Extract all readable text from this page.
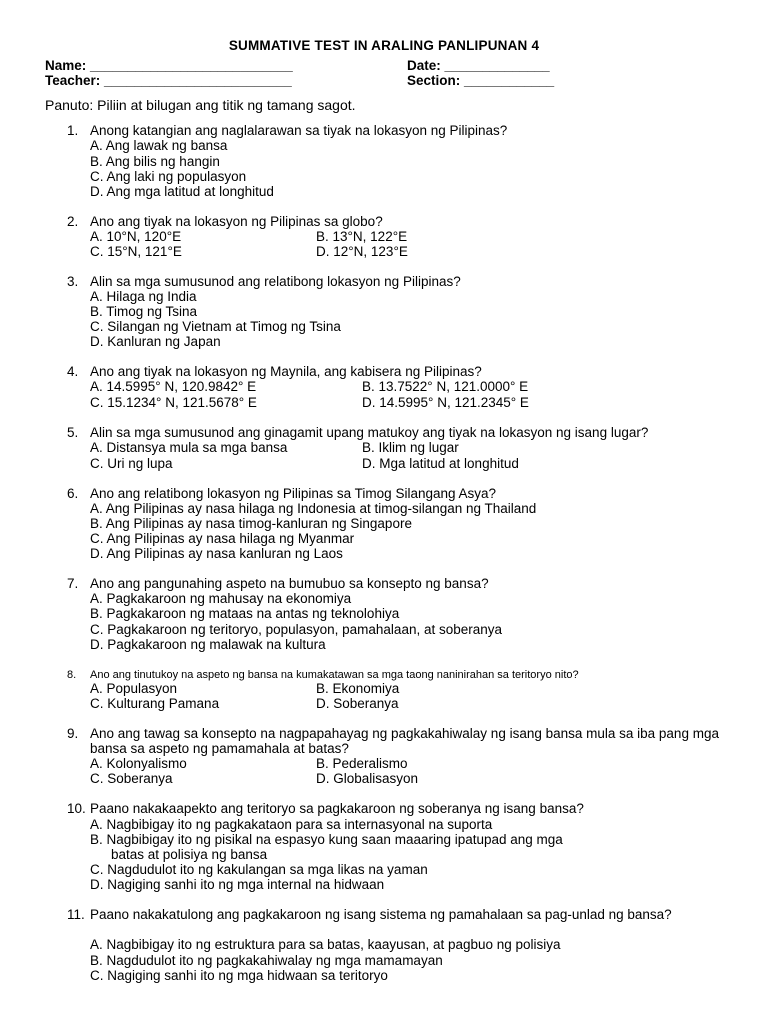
SUMMATIVE TEST IN ARALING PANLIPUNAN 4
Name: ___________________________	Date: ______________
Teacher: _________________________	Section: ____________
Panuto: Piliin at bilugan ang titik ng tamang sagot.
1. Anong katangian ang naglalarawan sa tiyak na lokasyon ng Pilipinas?
A. Ang lawak ng bansa
B. Ang bilis ng hangin
C. Ang laki ng populasyon
D. Ang mga latitud at longhitud
2. Ano ang tiyak na lokasyon ng Pilipinas sa globo?
A. 10°N, 120°E	B. 13°N, 122°E
C. 15°N, 121°E	D. 12°N, 123°E
3. Alin sa mga sumusunod ang relatibong lokasyon ng Pilipinas?
A. Hilaga ng India
B. Timog ng Tsina
C. Silangan ng Vietnam at Timog ng Tsina
D. Kanluran ng Japan
4. Ano ang tiyak na lokasyon ng Maynila, ang kabisera ng Pilipinas?
A. 14.5995° N, 120.9842° E	B. 13.7522° N, 121.0000° E
C. 15.1234° N, 121.5678° E	D. 14.5995° N, 121.2345° E
5. Alin sa mga sumusunod ang ginagamit upang matukoy ang tiyak na lokasyon ng isang lugar?
A. Distansya mula sa mga bansa	B. Iklim ng lugar
C. Uri ng lupa	D. Mga latitud at longhitud
6. Ano ang relatibong lokasyon ng Pilipinas sa Timog Silangang Asya?
A. Ang Pilipinas ay nasa hilaga ng Indonesia at timog-silangan ng Thailand
B. Ang Pilipinas ay nasa timog-kanluran ng Singapore
C. Ang Pilipinas ay nasa hilaga ng Myanmar
D. Ang Pilipinas ay nasa kanluran ng Laos
7. Ano ang pangunahing aspeto na bumubuo sa konsepto ng bansa?
A. Pagkakaroon ng mahusay na ekonomiya
B. Pagkakaroon ng mataas na antas ng teknolohiya
C. Pagkakaroon ng teritoryo, populasyon, pamahalaan, at soberanya
D. Pagkakaroon ng malawak na kultura
8. Ano ang tinutukoy na aspeto ng bansa na kumakatawan sa mga taong naninirahan sa teritoryo nito?
A. Populasyon	B. Ekonomiya
C. Kulturang Pamana	D. Soberanya
9. Ano ang tawag sa konsepto na nagpapahayag ng pagkakahiwalay ng isang bansa mula sa iba pang mga bansa sa aspeto ng pamamahala at batas?
A. Kolonyalismo	B. Pederalismo
C. Soberanya	D. Globalisasyon
10. Paano nakakaapekto ang teritoryo sa pagkakaroon ng soberanya ng isang bansa?
A. Nagbibigay ito ng pagkakataon para sa internasyonal na suporta
B. Nagbibigay ito ng pisikal na espasyo kung saan maaaring ipatupad ang mga
batas at polisiya ng bansa
C. Nagdudulot ito ng kakulangan sa mga likas na yaman
D. Nagiging sanhi ito ng mga internal na hidwaan
11. Paano nakakatulong ang pagkakaroon ng isang sistema ng pamahalaan sa pag-unlad ng bansa?
A. Nagbibigay ito ng estruktura para sa batas, kaayusan, at pagbuo ng polisiya
B. Nagdudulot ito ng pagkakahiwalay ng mga mamamayan
C. Nagiging sanhi ito ng mga hidwaan sa teritoryo
